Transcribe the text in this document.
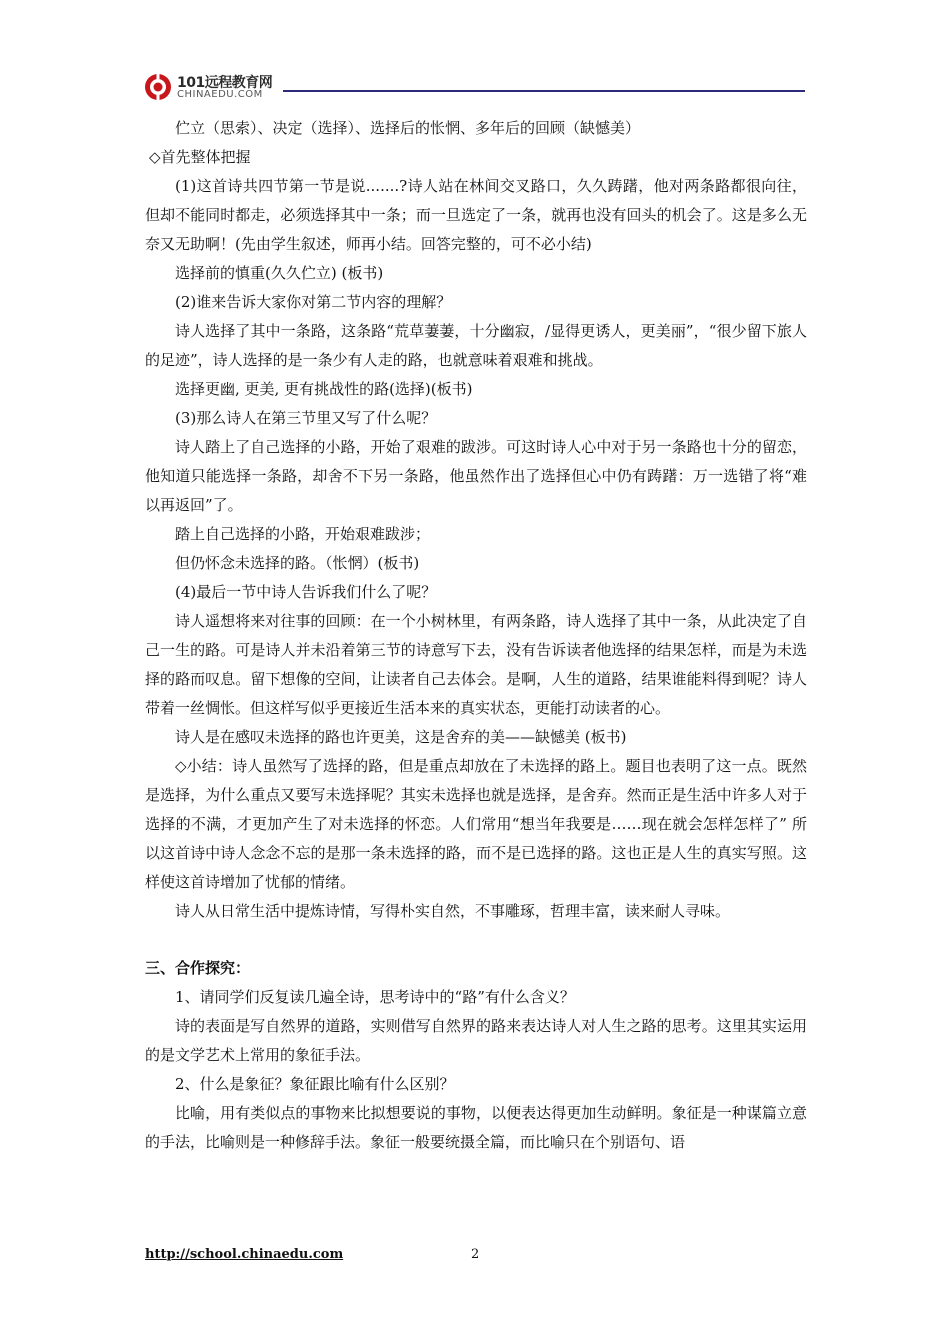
101远程教育网
CHINAEDU.COM

伫立（思索）、决定（选择）、选择后的怅惘、多年后的回顾（缺憾美）

◇首先整体把握

(1)这首诗共四节第一节是说.......?诗人站在林间交叉路口，久久踌躇，他对两条路都很向往，但却不能同时都走，必须选择其中一条；而一旦选定了一条，就再也没有回头的机会了。这是多么无奈又无助啊！(先由学生叙述，师再小结。回答完整的，可不必小结)

选择前的慎重(久久伫立) (板书)

(2)谁来告诉大家你对第二节内容的理解？

诗人选择了其中一条路，这条路“荒草萋萋，十分幽寂，/显得更诱人，更美丽”，“很少留下旅人的足迹”，诗人选择的是一条少有人走的路，也就意味着艰难和挑战。

选择更幽, 更美, 更有挑战性的路(选择)(板书)

(3)那么诗人在第三节里又写了什么呢？

诗人踏上了自己选择的小路，开始了艰难的跋涉。可这时诗人心中对于另一条路也十分的留恋，他知道只能选择一条路，却舍不下另一条路，他虽然作出了选择但心中仍有踌躇：万一选错了将“难以再返回”了。

踏上自己选择的小路，开始艰难跋涉；

但仍怀念未选择的路。（怅惘）(板书)

(4)最后一节中诗人告诉我们什么了呢？

诗人遥想将来对往事的回顾：在一个小树林里，有两条路，诗人选择了其中一条，从此决定了自己一生的路。可是诗人并未沿着第三节的诗意写下去，没有告诉读者他选择的结果怎样，而是为未选择的路而叹息。留下想像的空间，让读者自己去体会。是啊，人生的道路，结果谁能料得到呢？诗人带着一丝惆怅。但这样写似乎更接近生活本来的真实状态，更能打动读者的心。

诗人是在感叹未选择的路也许更美，这是舍弃的美——缺憾美 (板书)

◇小结：诗人虽然写了选择的路，但是重点却放在了未选择的路上。题目也表明了这一点。既然是选择，为什么重点又要写未选择呢？其实未选择也就是选择，是舍弃。然而正是生活中许多人对于选择的不满，才更加产生了对未选择的怀恋。人们常用“想当年我要是……现在就会怎样怎样了” 所以这首诗中诗人念念不忘的是那一条未选择的路，而不是已选择的路。这也正是人生的真实写照。这样使这首诗增加了忧郁的情绪。

诗人从日常生活中提炼诗情，写得朴实自然，不事雕琢，哲理丰富，读来耐人寻味。

三、合作探究：

1、请同学们反复读几遍全诗，思考诗中的“路”有什么含义？

诗的表面是写自然界的道路，实则借写自然界的路来表达诗人对人生之路的思考。这里其实运用的是文学艺术上常用的象征手法。

2、什么是象征？象征跟比喻有什么区别？

比喻，用有类似点的事物来比拟想要说的事物，以便表达得更加生动鲜明。象征是一种谋篇立意的手法，比喻则是一种修辞手法。象征一般要统摄全篇，而比喻只在个别语句、语

http://school.chinaedu.com	2
